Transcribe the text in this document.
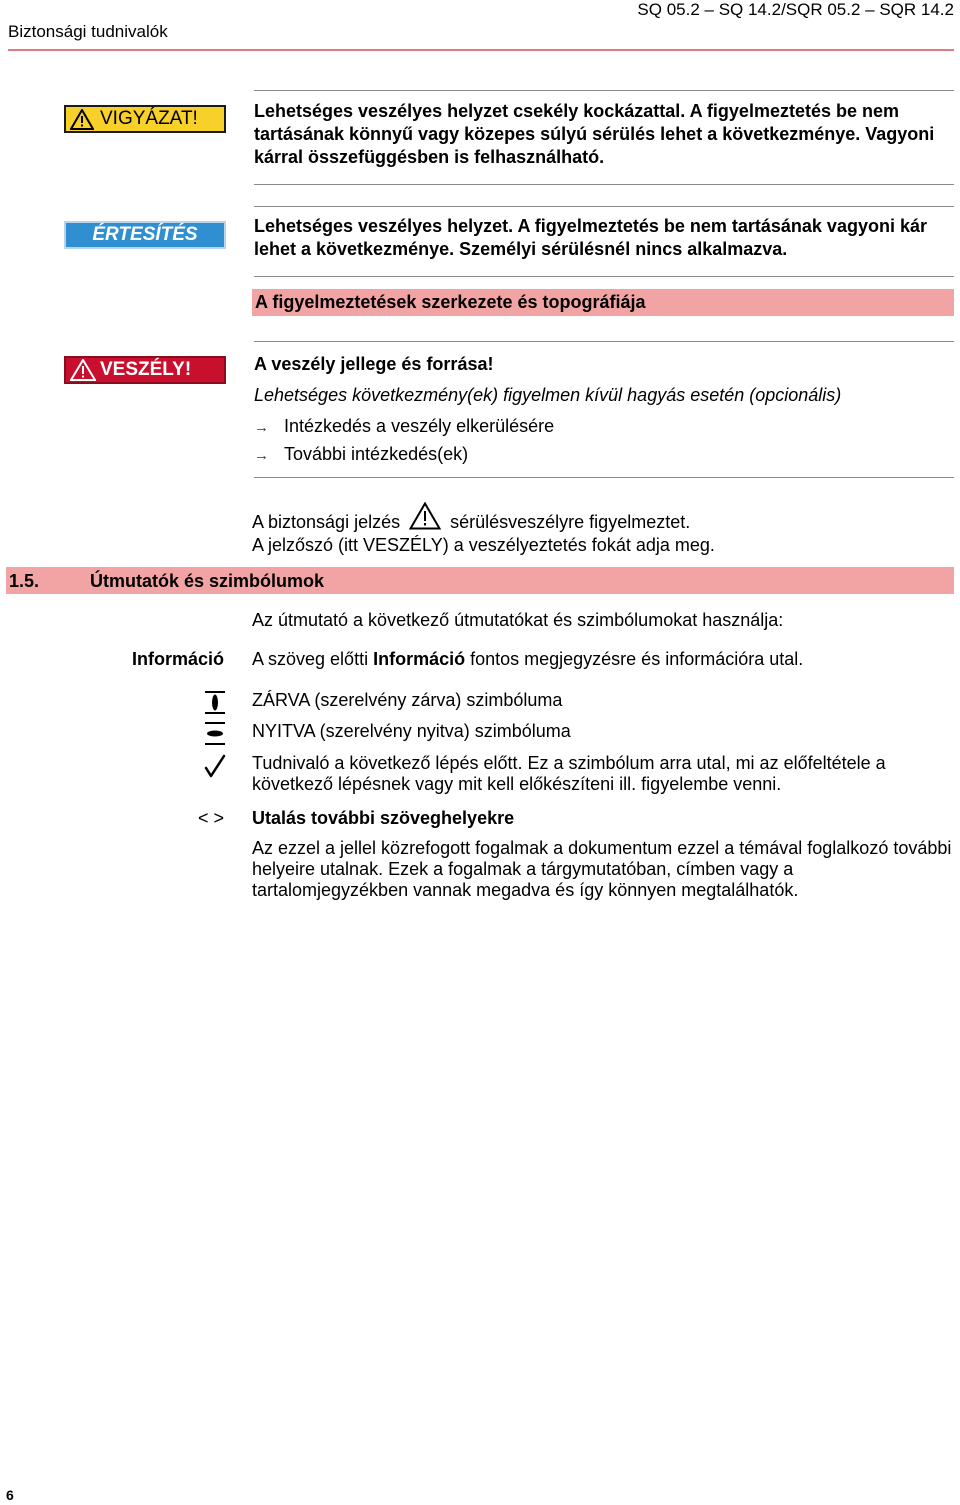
Biztonsági tudnivalók
SQ 05.2 – SQ 14.2/SQR 05.2 – SQR 14.2
VIGYÁZAT!	Lehetséges veszélyes helyzet csekély kockázattal. A figyelmeztetés be nem tartásának könnyű vagy közepes súlyú sérülés lehet a következménye. Vagyoni kárral összefüggésben is felhasználható.
ÉRTESÍTÉS	Lehetséges veszélyes helyzet. A figyelmeztetés be nem tartásának vagyoni kár lehet a következménye. Személyi sérülésnél nincs alkalmazva.
A figyelmeztetések szerkezete és topográfiája
VESZÉLY!	A veszély jellege és forrása!
Lehetséges következmény(ek) figyelmen kívül hagyás esetén (opcionális)
→ Intézkedés a veszély elkerülésére
→ További intézkedés(ek)
A biztonsági jelzés	sérülésveszélyre figyelmeztet.
A jelzőszó (itt VESZÉLY) a veszélyeztetés fokát adja meg.
1.5.	Útmutatók és szimbólumok
Az útmutató a következő útmutatókat és szimbólumokat használja:
Információ A szöveg előtti Információ fontos megjegyzésre és információra utal.
ZÁRVA (szerelvény zárva) szimbóluma
NYITVA (szerelvény nyitva) szimbóluma
Tudnivaló a következő lépés előtt. Ez a szimbólum arra utal, mi az előfeltétele a következő lépésnek vagy mit kell előkészíteni ill. figyelembe venni.
< > Utalás további szöveghelyekre
Az ezzel a jellel közrefogott fogalmak a dokumentum ezzel a témával foglalkozó további helyeire utalnak. Ezek a fogalmak a tárgymutatóban, címben vagy a tartalomjegyzékben vannak megadva és így könnyen megtalálhatók.
6
